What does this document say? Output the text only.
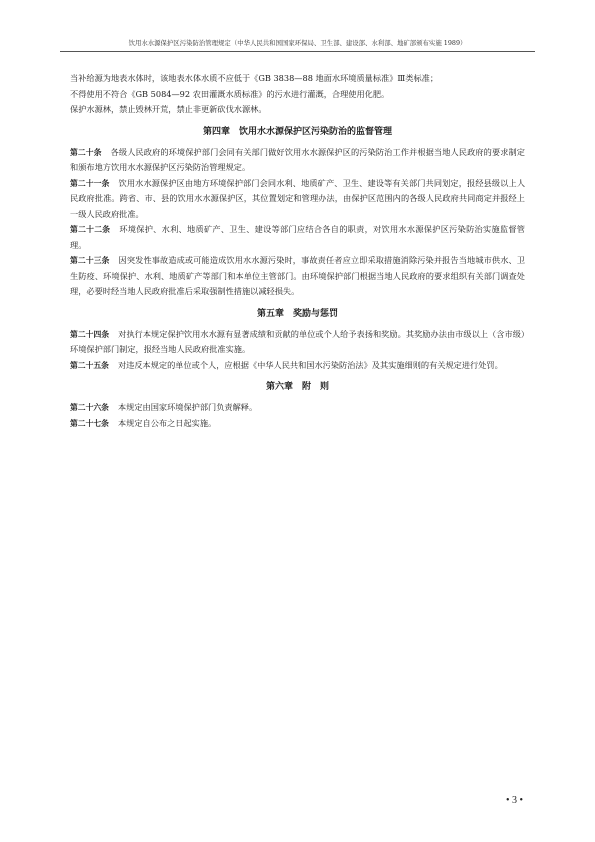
饮用水水源保护区污染防治管理规定（中华人民共和国国家环保局、卫生部、建设部、水利部、地矿部颁布实施 1989）
当补给源为地表水体时，该地表水体水质不应低于《GB 3838—88 地面水环境质量标准》Ⅲ类标准；
不得使用不符合《GB 5084—92 农田灌溉水质标准》的污水进行灌溉，合理使用化肥。
保护水源林，禁止毁林开荒，禁止非更新砍伐水源林。
第四章　饮用水水源保护区污染防治的监督管理

第二十条 各级人民政府的环境保护部门会同有关部门做好饮用水水源保护区的污染防治工作并根据当地人民政府的要求制定和颁布地方饮用水水源保护区污染防治管理规定。

第二十一条 饮用水水源保护区由地方环境保护部门会同水利、地质矿产、卫生、建设等有关部门共同划定，报经县级以上人民政府批准。跨省、市、县的饮用水水源保护区，其位置划定和管理办法，由保护区范围内的各级人民政府共同商定并报经上一级人民政府批准。

第二十二条 环境保护、水利、地质矿产、卫生、建设等部门应结合各自的职责，对饮用水水源保护区污染防治实施监督管理。

第二十三条 因突发性事故造成或可能造成饮用水水源污染时，事故责任者应立即采取措施消除污染并报告当地城市供水、卫生防疫、环境保护、水利、地质矿产等部门和本单位主管部门。由环境保护部门根据当地人民政府的要求组织有关部门调查处理，必要时经当地人民政府批准后采取强制性措施以减轻损失。

第五章　奖励与惩罚

第二十四条 对执行本规定保护饮用水水源有显著成绩和贡献的单位或个人给予表扬和奖励。其奖励办法由市级以上（含市级）环境保护部门制定，报经当地人民政府批准实施。

第二十五条 对违反本规定的单位或个人，应根据《中华人民共和国水污染防治法》及其实施细则的有关规定进行处罚。

第六章　附　则

第二十六条 本规定由国家环境保护部门负责解释。

第二十七条 本规定自公布之日起实施。

• 3 •
